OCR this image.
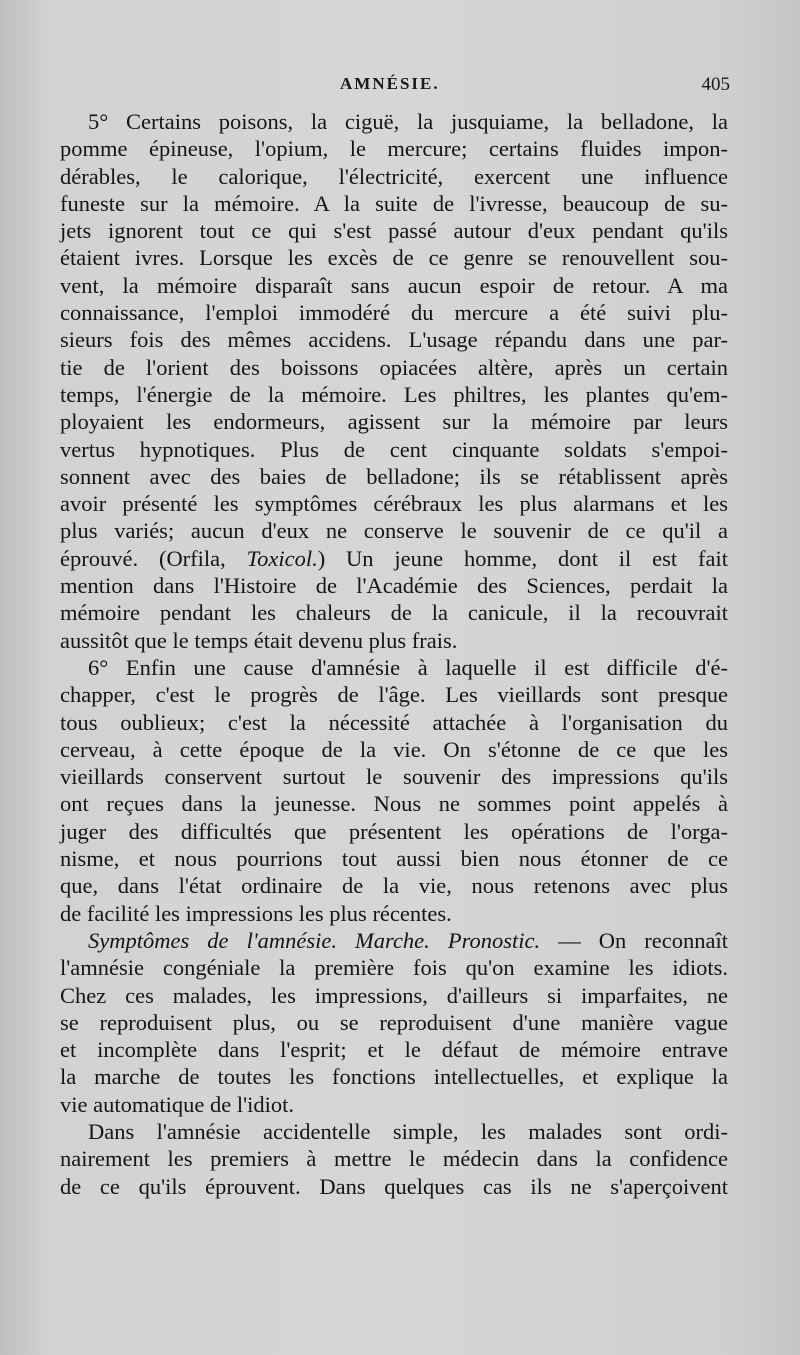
AMNÉSIE.	405
5° Certains poisons, la ciguë, la jusquiame, la belladone, la
pomme épineuse, l'opium, le mercure; certains fluides impon-
dérables, le calorique, l'électricité, exercent une influence
funeste sur la mémoire. A la suite de l'ivresse, beaucoup de su-
jets ignorent tout ce qui s'est passé autour d'eux pendant qu'ils
étaient ivres. Lorsque les excès de ce genre se renouvellent sou-
vent, la mémoire disparaît sans aucun espoir de retour. A ma
connaissance, l'emploi immodéré du mercure a été suivi plu-
sieurs fois des mêmes accidens. L'usage répandu dans une par-
tie de l'orient des boissons opiacées altère, après un certain
temps, l'énergie de la mémoire. Les philtres, les plantes qu'em-
ployaient les endormeurs, agissent sur la mémoire par leurs
vertus hypnotiques. Plus de cent cinquante soldats s'empoi-
sonnent avec des baies de belladone; ils se rétablissent après
avoir présenté les symptômes cérébraux les plus alarmans et les
plus variés; aucun d'eux ne conserve le souvenir de ce qu'il a
éprouvé. (Orfila, Toxicol.) Un jeune homme, dont il est fait
mention dans l'Histoire de l'Académie des Sciences, perdait la
mémoire pendant les chaleurs de la canicule, il la recouvrait
aussitôt que le temps était devenu plus frais.
6° Enfin une cause d'amnésie à laquelle il est difficile d'é-
chapper, c'est le progrès de l'âge. Les vieillards sont presque
tous oublieux; c'est la nécessité attachée à l'organisation du
cerveau, à cette époque de la vie. On s'étonne de ce que les
vieillards conservent surtout le souvenir des impressions qu'ils
ont reçues dans la jeunesse. Nous ne sommes point appelés à
juger des difficultés que présentent les opérations de l'orga-
nisme, et nous pourrions tout aussi bien nous étonner de ce
que, dans l'état ordinaire de la vie, nous retenons avec plus
de facilité les impressions les plus récentes.
Symptômes de l'amnésie. Marche. Pronostic. — On reconnaît
l'amnésie congéniale la première fois qu'on examine les idiots.
Chez ces malades, les impressions, d'ailleurs si imparfaites, ne
se reproduisent plus, ou se reproduisent d'une manière vague
et incomplète dans l'esprit; et le défaut de mémoire entrave
la marche de toutes les fonctions intellectuelles, et explique la
vie automatique de l'idiot.
Dans l'amnésie accidentelle simple, les malades sont ordi-
nairement les premiers à mettre le médecin dans la confidence
de ce qu'ils éprouvent. Dans quelques cas ils ne s'aperçoivent
